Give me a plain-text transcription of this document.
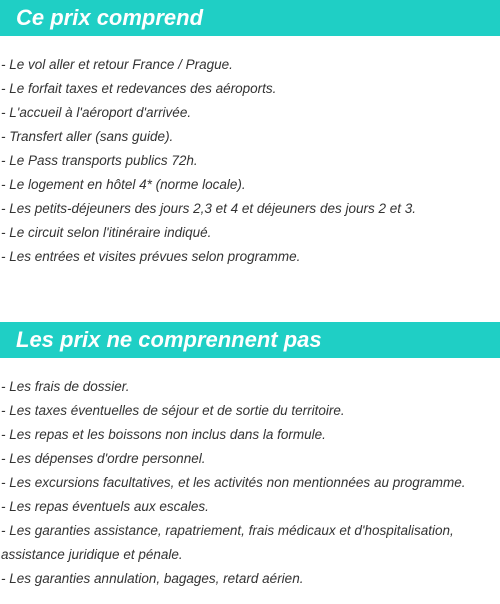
Ce prix comprend
- Le vol aller et retour France / Prague.
- Le forfait taxes et redevances des aéroports.
- L'accueil à l'aéroport d'arrivée.
- Transfert aller (sans guide).
- Le Pass transports publics 72h.
- Le logement en hôtel 4* (norme locale).
- Les petits-déjeuners des jours 2,3 et 4 et déjeuners des jours 2 et 3.
- Le circuit selon l'itinéraire indiqué.
- Les entrées et visites prévues selon programme.
Les prix ne comprennent pas
- Les frais de dossier.
- Les taxes éventuelles de séjour et de sortie du territoire.
- Les repas et les boissons non inclus dans la formule.
- Les dépenses d'ordre personnel.
- Les excursions facultatives, et les activités non mentionnées au programme.
- Les repas éventuels aux escales.
- Les garanties assistance, rapatriement, frais médicaux et d'hospitalisation, assistance juridique et pénale.
- Les garanties annulation, bagages, retard aérien.
